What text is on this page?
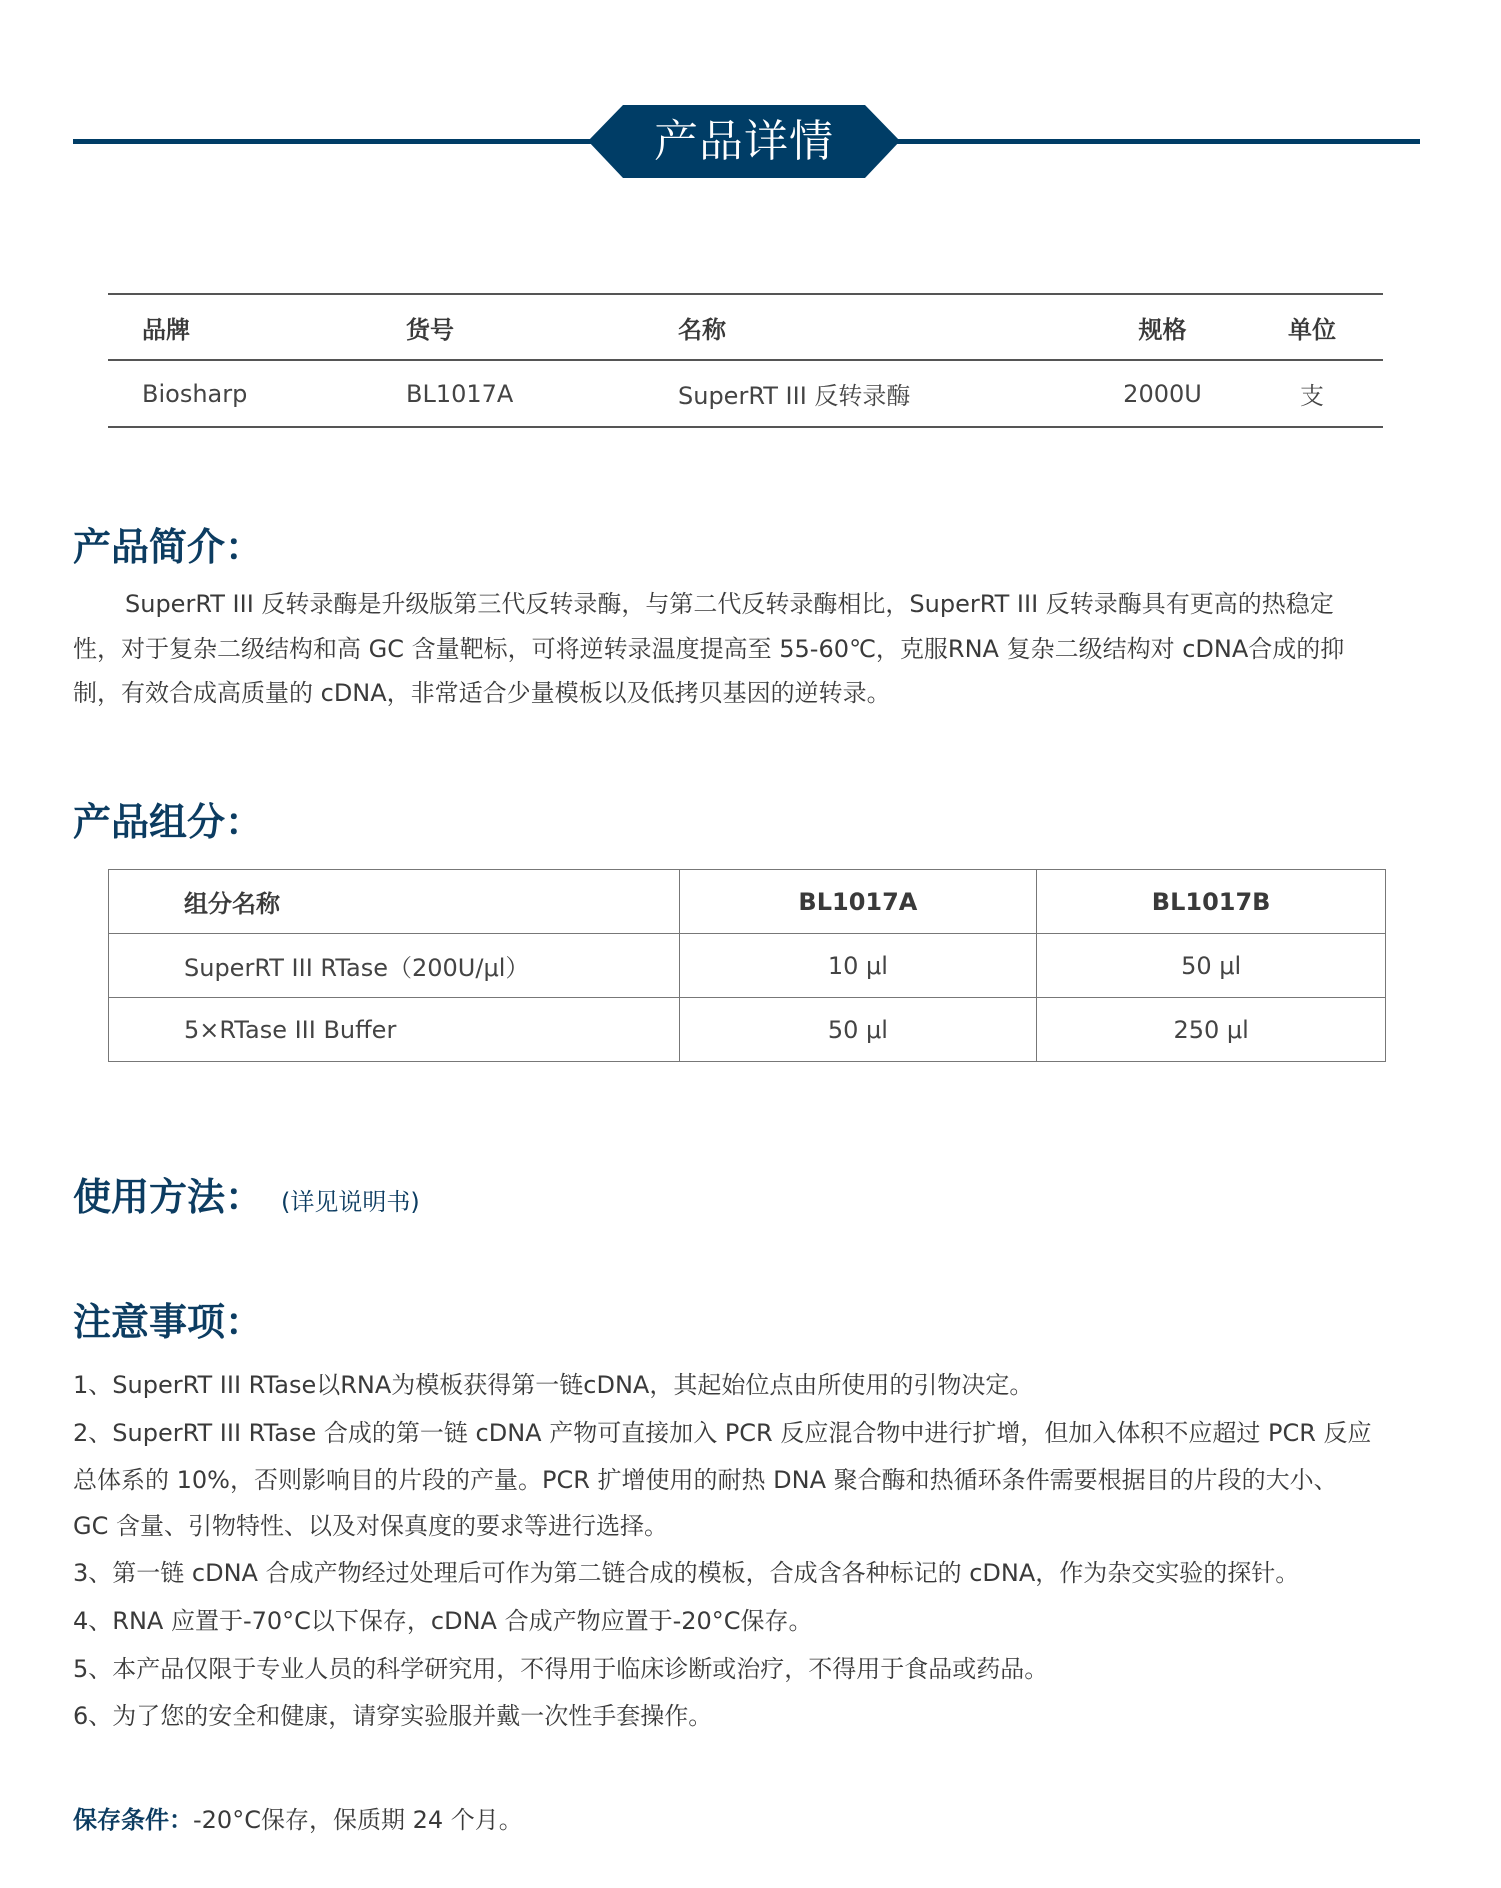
产品详情
品牌	货号	名称	规格	单位
Biosharp	BL1017A	SuperRT III 反转录酶	2000U	支
产品简介：
SuperRT III 反转录酶是升级版第三代反转录酶，与第二代反转录酶相比，SuperRT III 反转录酶具有更高的热稳定
性，对于复杂二级结构和高 GC 含量靶标，可将逆转录温度提高至 55-60℃，克服RNA 复杂二级结构对 cDNA合成的抑
制，有效合成高质量的 cDNA，非常适合少量模板以及低拷贝基因的逆转录。
产品组分：
组分名称	BL1017A	BL1017B
SuperRT III RTase（200U/μl）	10 μl	50 μl
5×RTase III Buffer	50 μl	250 μl
使用方法： (详见说明书)
注意事项：
1、SuperRT III RTase以RNA为模板获得第一链cDNA，其起始位点由所使用的引物决定。
2、SuperRT III RTase 合成的第一链 cDNA 产物可直接加入 PCR 反应混合物中进行扩增，但加入体积不应超过 PCR 反应
总体系的 10%，否则影响目的片段的产量。PCR 扩增使用的耐热 DNA 聚合酶和热循环条件需要根据目的片段的大小、
GC 含量、引物特性、以及对保真度的要求等进行选择。
3、第一链 cDNA 合成产物经过处理后可作为第二链合成的模板，合成含各种标记的 cDNA，作为杂交实验的探针。
4、RNA 应置于-70°C以下保存，cDNA 合成产物应置于-20°C保存。
5、本产品仅限于专业人员的科学研究用，不得用于临床诊断或治疗，不得用于食品或药品。
6、为了您的安全和健康，请穿实验服并戴一次性手套操作。
保存条件：-20°C保存，保质期 24 个月。
